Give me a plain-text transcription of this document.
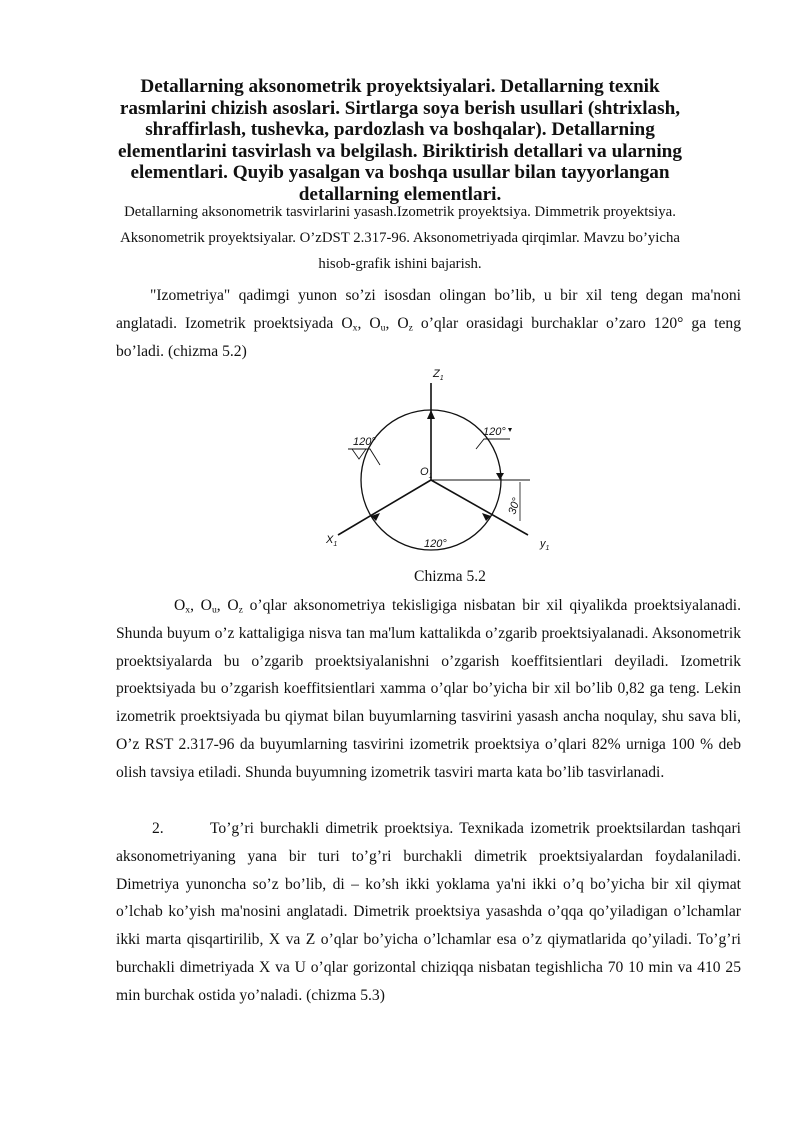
Detallarning aksonometrik proyektsiyalari. Detallarning texnik rasmlarini chizish asoslari. Sirtlarga soya berish usullari (shtrixlash, shraffirlash, tushevka, pardozlash va boshqalar). Detallarning elementlarini tasvirlash va belgilash. Biriktirish detallari va ularning elementlari. Quyib yasalgan va boshqa usullar bilan tayyorlangan detallarning elementlari.
Detallarning aksonometrik tasvirlarini yasash.Izometrik proyektsiya. Dimmetrik proyektsiya. Aksonometrik proyektsiyalar. O’zDST 2.317-96. Aksonometriyada qirqimlar. Mavzu bo’yicha hisob-grafik ishini bajarish.
"Izometriya" qadimgi yunon so’zi isosdan olingan bo’lib, u bir xil teng degan ma'noni anglatadi. Izometrik proektsiyada $O_x$, $O_u$, $O_z$ o’qlar orasidagi burchaklar o’zaro 120° ga teng bo’ladi. (chizma 5.2)
120°
120°
120°
30°
$Z_1$
$O_1$
$X_1$	$y_1$
Chizma 5.2
$O_x$, $O_u$, $O_z$ o’qlar aksonometriya tekisligiga nisbatan bir xil qiyalikda proektsiyalanadi. Shunda buyum o’z kattaligiga nisva tan ma'lum kattalikda o’zgarib proektsiyalanadi. Aksonometrik proektsiyalarda bu o’zgarib proektsiyalanishni o’zgarish koeffitsientlari deyiladi. Izometrik proektsiyada bu o’zgarish koeffitsientlari xamma o’qlar bo’yicha bir xil bo’lib 0,82 ga teng. Lekin izometrik proektsiyada bu qiymat bilan buyumlarning tasvirini yasash ancha noqulay, shu sava bli, O’z RST 2.317-96 da buyumlarning tasvirini izometrik proektsiya o’qlari 82% urniga 100 % deb olish tavsiya etiladi. Shunda buyumning izometrik tasviri marta kata bo’lib tasvirlanadi.
2.	To’g’ri burchakli dimetrik proektsiya. Texnikada izometrik proektsilardan tashqari aksonometriyaning yana bir turi to’g’ri burchakli dimetrik proektsiyalardan foydalaniladi. Dimetriya yunoncha so’z bo’lib, di – ko’sh ikki yoklama ya'ni ikki o’q bo’yicha bir xil qiymat o’lchab ko’yish ma'nosini anglatadi. Dimetrik proektsiya yasashda o’qqa qo’yiladigan o’lchamlar ikki marta qisqartirilib, X va Z o’qlar bo’yicha o’lchamlar esa o’z qiymatlarida qo’yiladi. To’g’ri burchakli dimetriyada X va U o’qlar gorizontal chiziqqa nisbatan tegishlicha 70 10 min va 410 25 min burchak ostida yo’naladi. (chizma 5.3)
